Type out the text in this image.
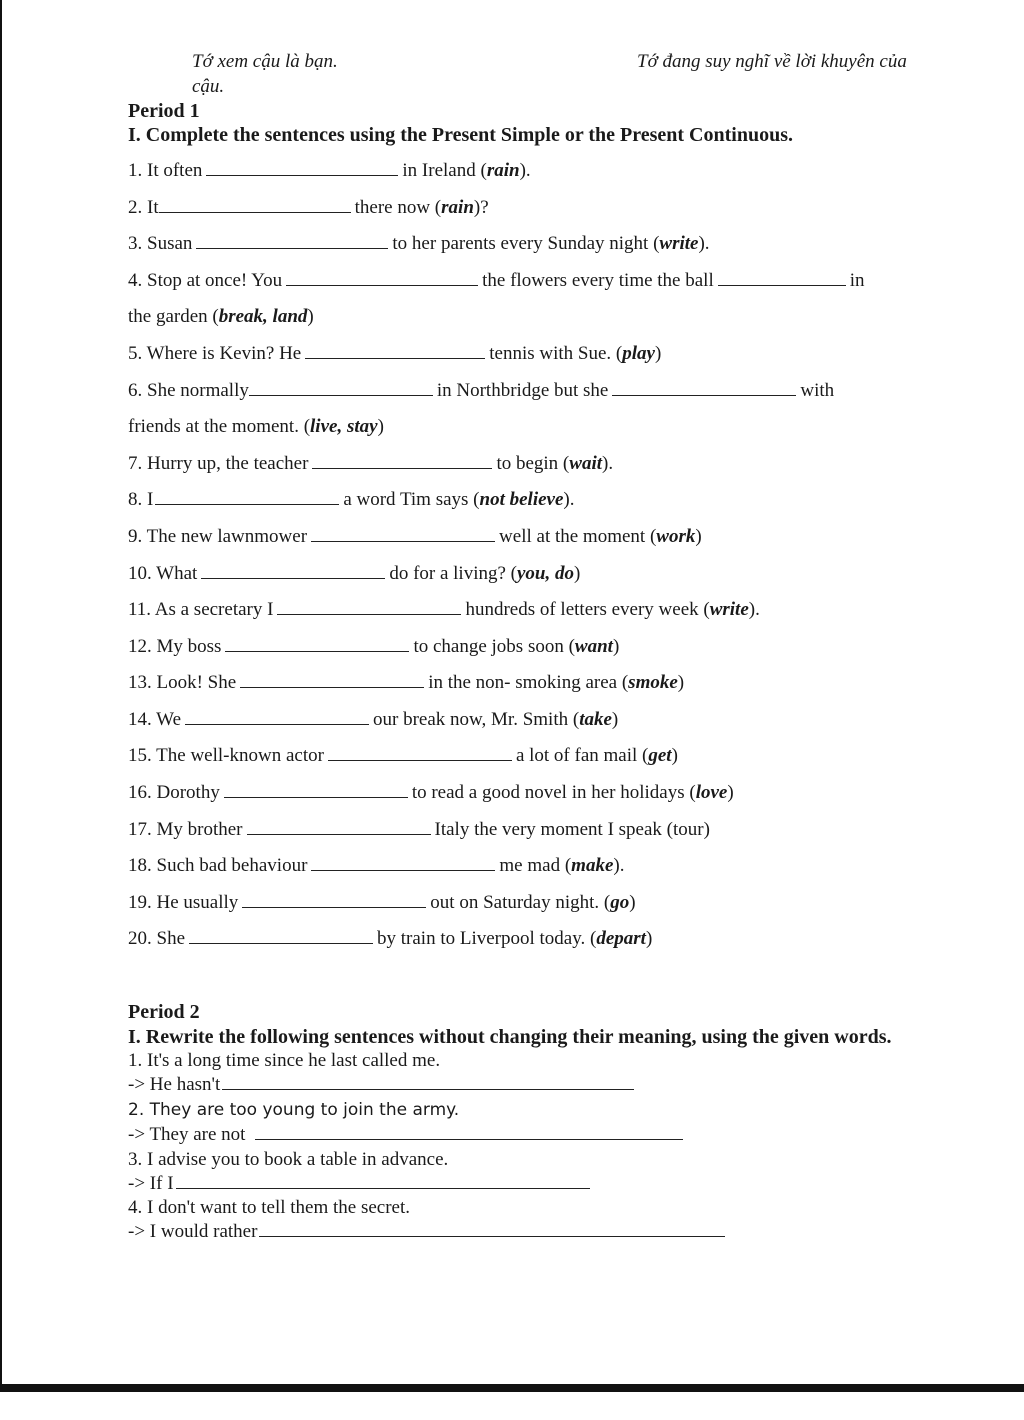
Tớ xem cậu là bạn.	Tớ đang suy nghĩ về lời khuyên của
cậu.
Period 1
I. Complete the sentences using the Present Simple or the Present Continuous.
1. It often	in Ireland (rain).
2. It	there now (rain)?
3. Susan	to her parents every Sunday night (write).
4. Stop at once! You	the flowers every time the ball	in
the garden (break, land)
5. Where is Kevin? He	tennis with Sue. (play)
6. She normally	in Northbridge but she	with
friends at the moment. (live, stay)
7. Hurry up, the teacher	to begin (wait).
8. I	a word Tim says (not believe).
9. The new lawnmower	well at the moment (work)
10. What	do for a living? (you, do)
11. As a secretary I	hundreds of letters every week (write).
12. My boss	to change jobs soon (want)
13. Look! She	in the non- smoking area (smoke)
14. We	our break now, Mr. Smith (take)
15. The well-known actor	a lot of fan mail (get)
16. Dorothy	to read a good novel in her holidays (love)
17. My brother	Italy the very moment I speak (tour)
18. Such bad behaviour	me mad (make).
19. He usually	out on Saturday night. (go)
20. She	by train to Liverpool today. (depart)
Period 2
I. Rewrite the following sentences without changing their meaning, using the given words.
1. It's a long time since he last called me.
-> He hasn't
2. They are too young to join the army.
-> They are not
3. I advise you to book a table in advance.
-> If I
4. I don't want to tell them the secret.
-> I would rather
